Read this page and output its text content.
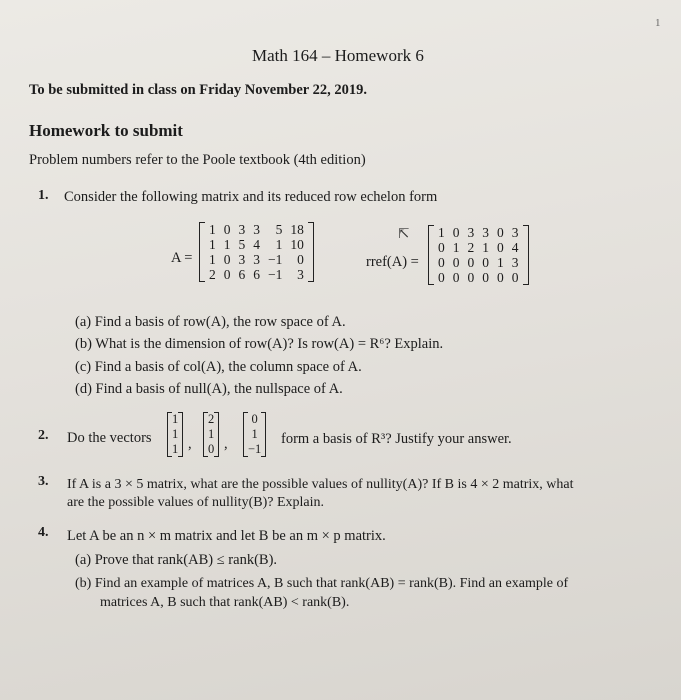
1
Math 164 – Homework 6
To be submitted in class on Friday November 22, 2019.
Homework to submit
Problem numbers refer to the Poole textbook (4th edition)
1. Consider the following matrix and its reduced row echelon form
A =
1	0	3	3	5	18
1	1	5	4	1	10
1	0	3	3	−1	0
2	0	6	6	−1	3
⇱
rref(A) =
1	0	3	3	0	3
0	1	2	1	0	4
0	0	0	0	1	3
0	0	0	0	0	0
(a) Find a basis of row(A), the row space of A.
(b) What is the dimension of row(A)? Is row(A) = R⁶? Explain.
(c) Find a basis of col(A), the column space of A.
(d) Find a basis of null(A), the nullspace of A.
2. Do the vectors
1
1
1 ,
2
1
0 ,
0
1
−1
form a basis of R³? Justify your answer.
3. If A is a 3 × 5 matrix, what are the possible values of nullity(A)? If B is 4 × 2 matrix, what
are the possible values of nullity(B)? Explain.
4. Let A be an n × m matrix and let B be an m × p matrix.
(a) Prove that rank(AB) ≤ rank(B).
(b) Find an example of matrices A, B such that rank(AB) = rank(B). Find an example of
matrices A, B such that rank(AB) < rank(B).
